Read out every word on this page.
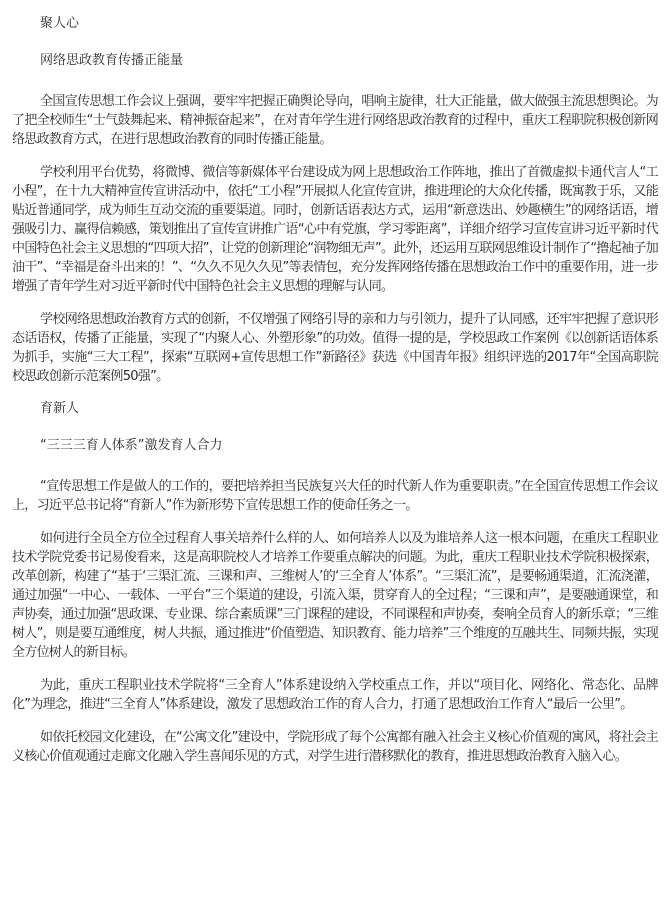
聚人心
网络思政教育传播正能量

全国宣传思想工作会议上强调，要牢牢把握正确舆论导向，唱响主旋律，壮大正能量，做大做强主流思想舆论。为了把全校师生“士气鼓舞起来、精神振奋起来”，在对青年学生进行网络思政治教育的过程中，重庆工程职院积极创新网络思政教育方式，在进行思想政治教育的同时传播正能量。

学校利用平台优势，将微博、微信等新媒体平台建设成为网上思想政治工作阵地，推出了首微虚拟卡通代言人“工小程”，在十九大精神宣传宣讲活动中，依托“工小程”开展拟人化宣传宣讲，推进理论的大众化传播，既寓教于乐，又能贴近普通同学，成为师生互动交流的重要渠道。同时，创新话语表达方式，运用“新意迭出、妙趣横生”的网络话语，增强吸引力、赢得信赖感，策划推出了宣传宣讲推广语“心中有党旗，学习零距离”，详细介绍学习宣传宣讲习近平新时代中国特色社会主义思想的“四项大招”，让党的创新理论“润物细无声”。此外，还运用互联网思维设计制作了“撸起袖子加油干”、“幸福是奋斗出来的！”、“久久不见久久见”等表情包，充分发挥网络传播在思想政治工作中的重要作用，进一步增强了青年学生对习近平新时代中国特色社会主义思想的理解与认同。

学校网络思想政治教育方式的创新，不仅增强了网络引导的亲和力与引领力，提升了认同感，还牢牢把握了意识形态话语权，传播了正能量，实现了“内聚人心、外塑形象”的功效。值得一提的是，学校思政工作案例《以创新话语体系为抓手，实施“三大工程”，探索“互联网+宣传思想工作”新路径》获选《中国青年报》组织评选的2017年“全国高职院校思政创新示范案例50强”。

育新人
“三三三育人体系”激发育人合力

“宣传思想工作是做人的工作的，要把培养担当民族复兴大任的时代新人作为重要职责。”在全国宣传思想工作会议上，习近平总书记将“育新人”作为新形势下宣传思想工作的使命任务之一。

如何进行全员全方位全过程育人事关培养什么样的人、如何培养人以及为谁培养人这一根本问题，在重庆工程职业技术学院党委书记易俊看来，这是高职院校人才培养工作要重点解决的问题。为此，重庆工程职业技术学院积极探索，改革创新，构建了“基于‘三渠汇流、三课和声、三维树人’的‘三全育人’体系”。“三渠汇流”，是要畅通渠道，汇流浇灌，通过加强“一中心、一载体、一平台”三个渠道的建设，引流入渠，贯穿育人的全过程；“三课和声”，是要融通课堂，和声协奏，通过加强“思政课、专业课、综合素质课”三门课程的建设，不同课程和声协奏，奏响全员育人的新乐章；“三维树人”，则是要互通维度，树人共振，通过推进“价值塑造、知识教育、能力培养”三个维度的互融共生、同频共振，实现全方位树人的新目标。

为此，重庆工程职业技术学院将“三全育人”体系建设纳入学校重点工作，并以“项目化、网络化、常态化、品牌化”为理念，推进“三全育人”体系建设，激发了思想政治工作的育人合力，打通了思想政治工作育人“最后一公里”。

如依托校园文化建设，在“公寓文化”建设中，学院形成了每个公寓都有融入社会主义核心价值观的寓风，将社会主义核心价值观通过走廊文化融入学生喜闻乐见的方式，对学生进行潜移默化的教育，推进思想政治教育入脑入心。
